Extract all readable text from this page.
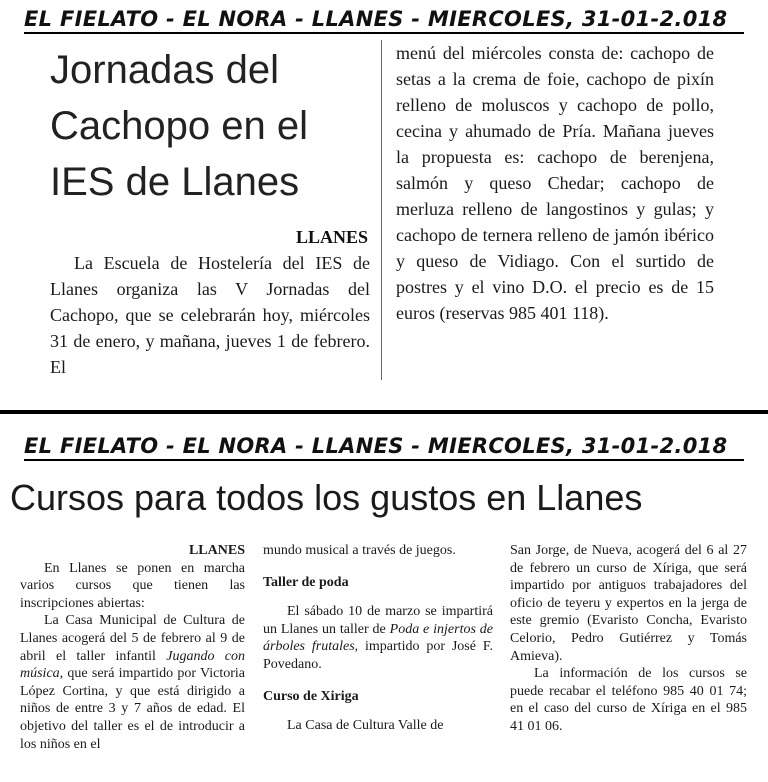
EL FIELATO - EL NORA - LLANES - MIERCOLES, 31-01-2.018
Jornadas del Cachopo en el IES de Llanes
LLANES

La Escuela de Hostelería del IES de Llanes organiza las V Jornadas del Cachopo, que se celebrarán hoy, miércoles 31 de enero, y mañana, jueves 1 de febrero. El

menú del miércoles consta de: cachopo de setas a la crema de foie, cachopo de pixín relleno de moluscos y cachopo de pollo, cecina y ahumado de Pría. Mañana jueves la propuesta es: cachopo de berenjena, salmón y queso Chedar; cachopo de merluza relleno de langostinos y gulas; y cachopo de ternera relleno de jamón ibérico y queso de Vidiago. Con el surtido de postres y el vino D.O. el precio es de 15 euros (reservas 985 401 118).

EL FIELATO - EL NORA - LLANES - MIERCOLES, 31-01-2.018
Cursos para todos los gustos en Llanes

LLANES

En Llanes se ponen en marcha varios cursos que tienen las inscripciones abiertas:

La Casa Municipal de Cultura de Llanes acogerá del 5 de febrero al 9 de abril el taller infantil Jugando con música, que será impartido por Victoria López Cortina, y que está dirigido a niños de entre 3 y 7 años de edad. El objetivo del taller es el de introducir a los niños en el

mundo musical a través de juegos.

Taller de poda

El sábado 10 de marzo se impartirá un Llanes un taller de Poda e injertos de árboles frutales, impartido por José F. Povedano.

Curso de Xiriga

La Casa de Cultura Valle de

San Jorge, de Nueva, acogerá del 6 al 27 de febrero un curso de Xíriga, que será impartido por antiguos trabajadores del oficio de teyeru y expertos en la jerga de este gremio (Evaristo Concha, Evaristo Celorio, Pedro Gutiérrez y Tomás Amieva).

La información de los cursos se puede recabar el teléfono 985 40 01 74; en el caso del curso de Xíriga en el 985 41 01 06.
